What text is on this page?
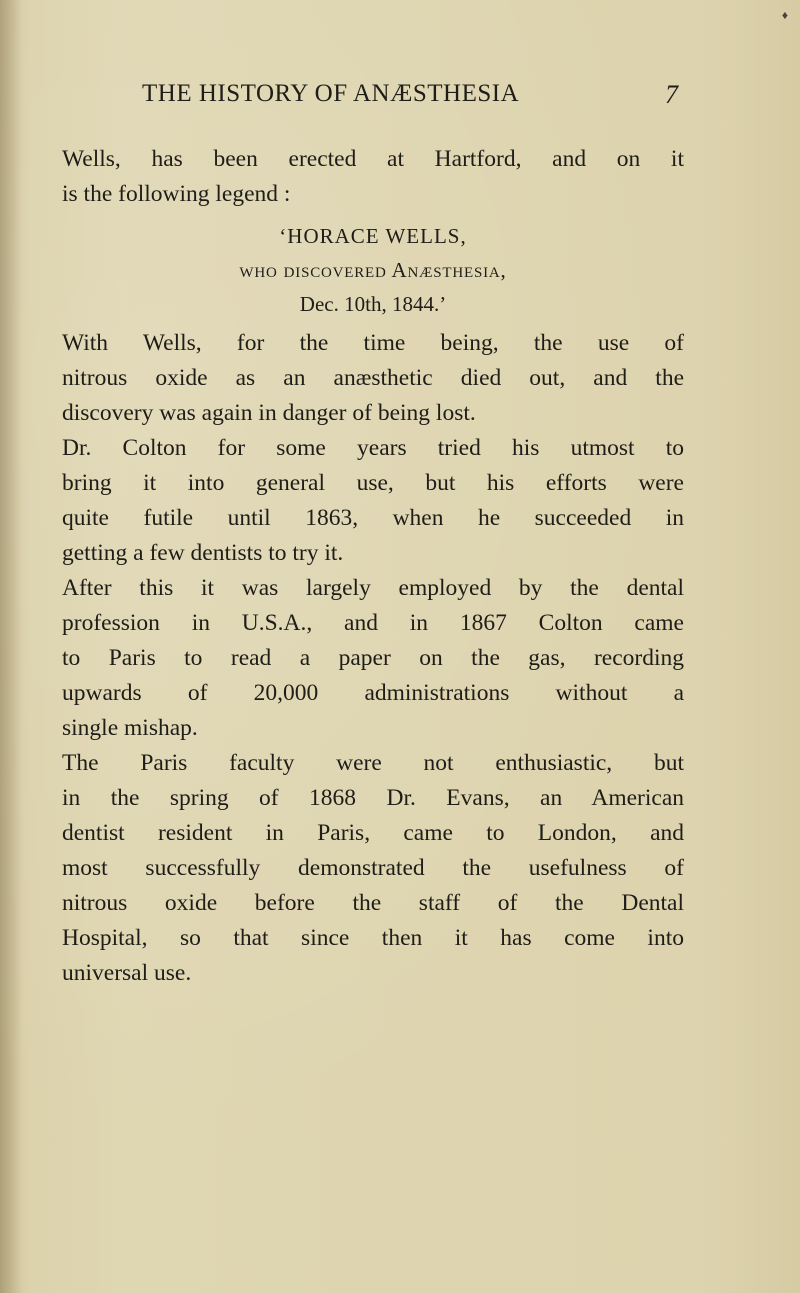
♦
THE HISTORY OF ANÆSTHESIA	7
Wells, has been erected at Hartford, and on it
is the following legend :
‘HORACE WELLS,
who discovered Anæsthesia,
Dec. 10th, 1844.’
With Wells, for the time being, the use of
nitrous oxide as an anæsthetic died out, and the
discovery was again in danger of being lost.
Dr. Colton for some years tried his utmost to
bring it into general use, but his efforts were
quite futile until 1863, when he succeeded in
getting a few dentists to try it.
After this it was largely employed by the dental
profession in U.S.A., and in 1867 Colton came
to Paris to read a paper on the gas, recording
upwards of 20,000 administrations without a
single mishap.
The Paris faculty were not enthusiastic, but
in the spring of 1868 Dr. Evans, an American
dentist resident in Paris, came to London, and
most successfully demonstrated the usefulness of
nitrous oxide before the staff of the Dental
Hospital, so that since then it has come into
universal use.
